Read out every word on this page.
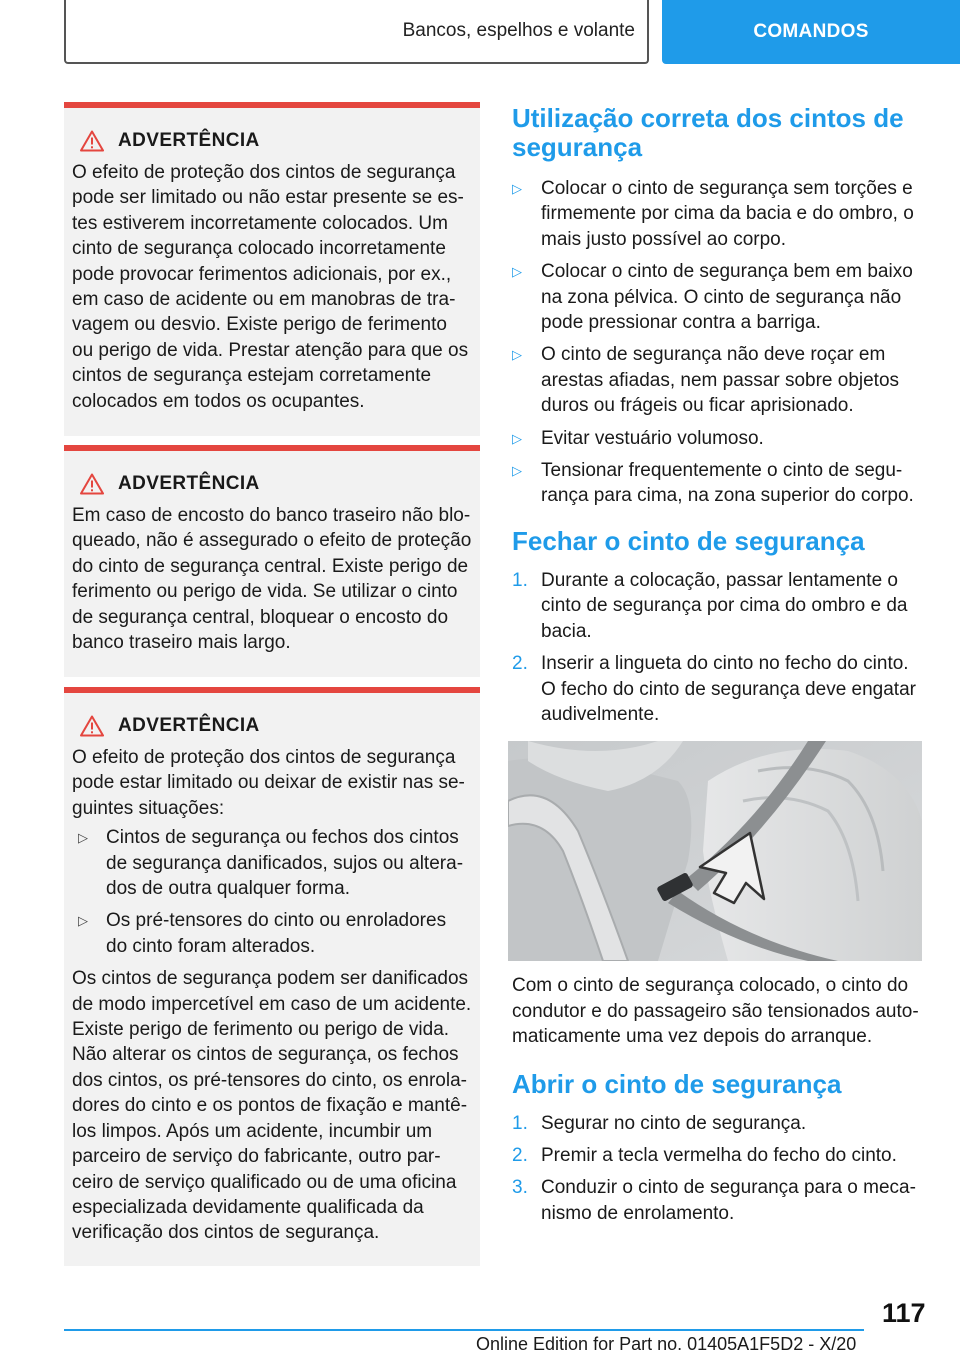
Bancos, espelhos e volante	COMANDOS
ADVERTÊNCIA

O efeito de proteção dos cintos de segurança pode ser limitado ou não estar presente se estes estiverem incorretamente colocados. Um cinto de segurança colocado incorretamente pode provocar ferimentos adicionais, por ex., em caso de acidente ou em manobras de travagem ou desvio. Existe perigo de ferimento ou perigo de vida. Prestar atenção para que os cintos de segurança estejam corretamente colocados em todos os ocupantes.

ADVERTÊNCIA

Em caso de encosto do banco traseiro não bloqueado, não é assegurado o efeito de proteção do cinto de segurança central. Existe perigo de ferimento ou perigo de vida. Se utilizar o cinto de segurança central, bloquear o encosto do banco traseiro mais largo.

ADVERTÊNCIA

O efeito de proteção dos cintos de segurança pode estar limitado ou deixar de existir nas seguintes situações:

▷ Cintos de segurança ou fechos dos cintos de segurança danificados, sujos ou alterados de outra qualquer forma.
▷ Os pré-tensores do cinto ou enroladores do cinto foram alterados.

Os cintos de segurança podem ser danificados de modo impercetível em caso de um acidente. Existe perigo de ferimento ou perigo de vida. Não alterar os cintos de segurança, os fechos dos cintos, os pré-tensores do cinto, os enroladores do cinto e os pontos de fixação e mantê-los limpos. Após um acidente, incumbir um parceiro de serviço do fabricante, outro parceiro de serviço qualificado ou de uma oficina especializada devidamente qualificada da verificação dos cintos de segurança.

Utilização correta dos cintos de segurança
▷ Colocar o cinto de segurança sem torções e firmemente por cima da bacia e do ombro, o mais justo possível ao corpo.
▷ Colocar o cinto de segurança bem em baixo na zona pélvica. O cinto de segurança não pode pressionar contra a barriga.
▷ O cinto de segurança não deve roçar em arestas afiadas, nem passar sobre objetos duros ou frágeis ou ficar aprisionado.
▷ Evitar vestuário volumoso.
▷ Tensionar frequentemente o cinto de segurança para cima, na zona superior do corpo.
Fechar o cinto de segurança
1. Durante a colocação, passar lentamente o cinto de segurança por cima do ombro e da bacia.
2. Inserir a lingueta do cinto no fecho do cinto. O fecho do cinto de segurança deve engatar audivelmente.

Com o cinto de segurança colocado, o cinto do condutor e do passageiro são tensionados automaticamente uma vez depois do arranque.

Abrir o cinto de segurança
1. Segurar no cinto de segurança.
2. Premir a tecla vermelha do fecho do cinto.
3. Conduzir o cinto de segurança para o mecanismo de enrolamento.
117
Online Edition for Part no. 01405A1F5D2 - X/20
